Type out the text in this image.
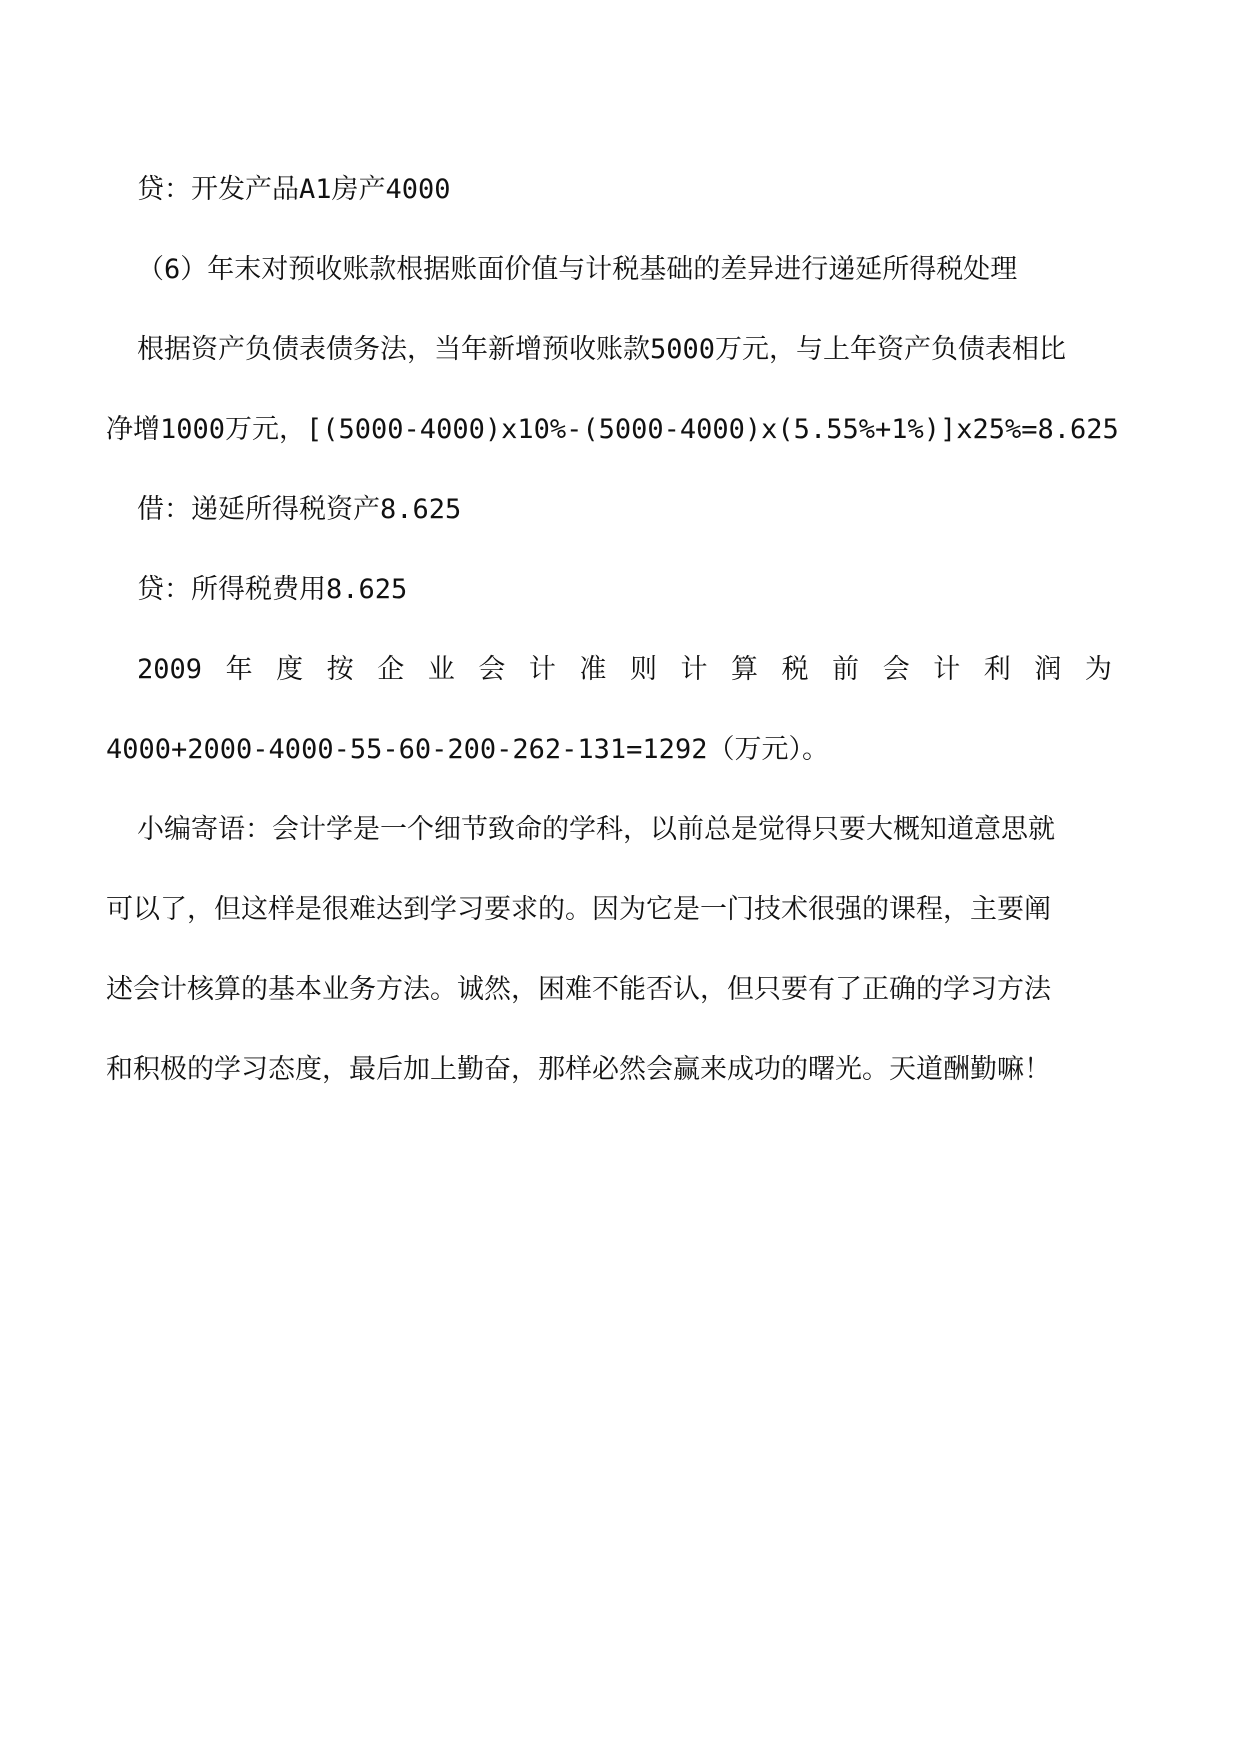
贷：开发产品A1房产4000
（6）年末对预收账款根据账面价值与计税基础的差异进行递延所得税处理
根据资产负债表债务法，当年新增预收账款5000万元，与上年资产负债表相比
净增1000万元，[(5000-4000)x10%-(5000-4000)x(5.55%+1%)]x25%=8.625
借：递延所得税资产8.625
贷：所得税费用8.625
2009 年 度 按 企 业 会 计 准 则 计 算 税 前 会 计 利 润 为
4000+2000-4000-55-60-200-262-131=1292（万元）。
小编寄语：会计学是一个细节致命的学科，以前总是觉得只要大概知道意思就
可以了，但这样是很难达到学习要求的。因为它是一门技术很强的课程，主要阐
述会计核算的基本业务方法。诚然，困难不能否认，但只要有了正确的学习方法
和积极的学习态度，最后加上勤奋，那样必然会赢来成功的曙光。天道酬勤嘛！
